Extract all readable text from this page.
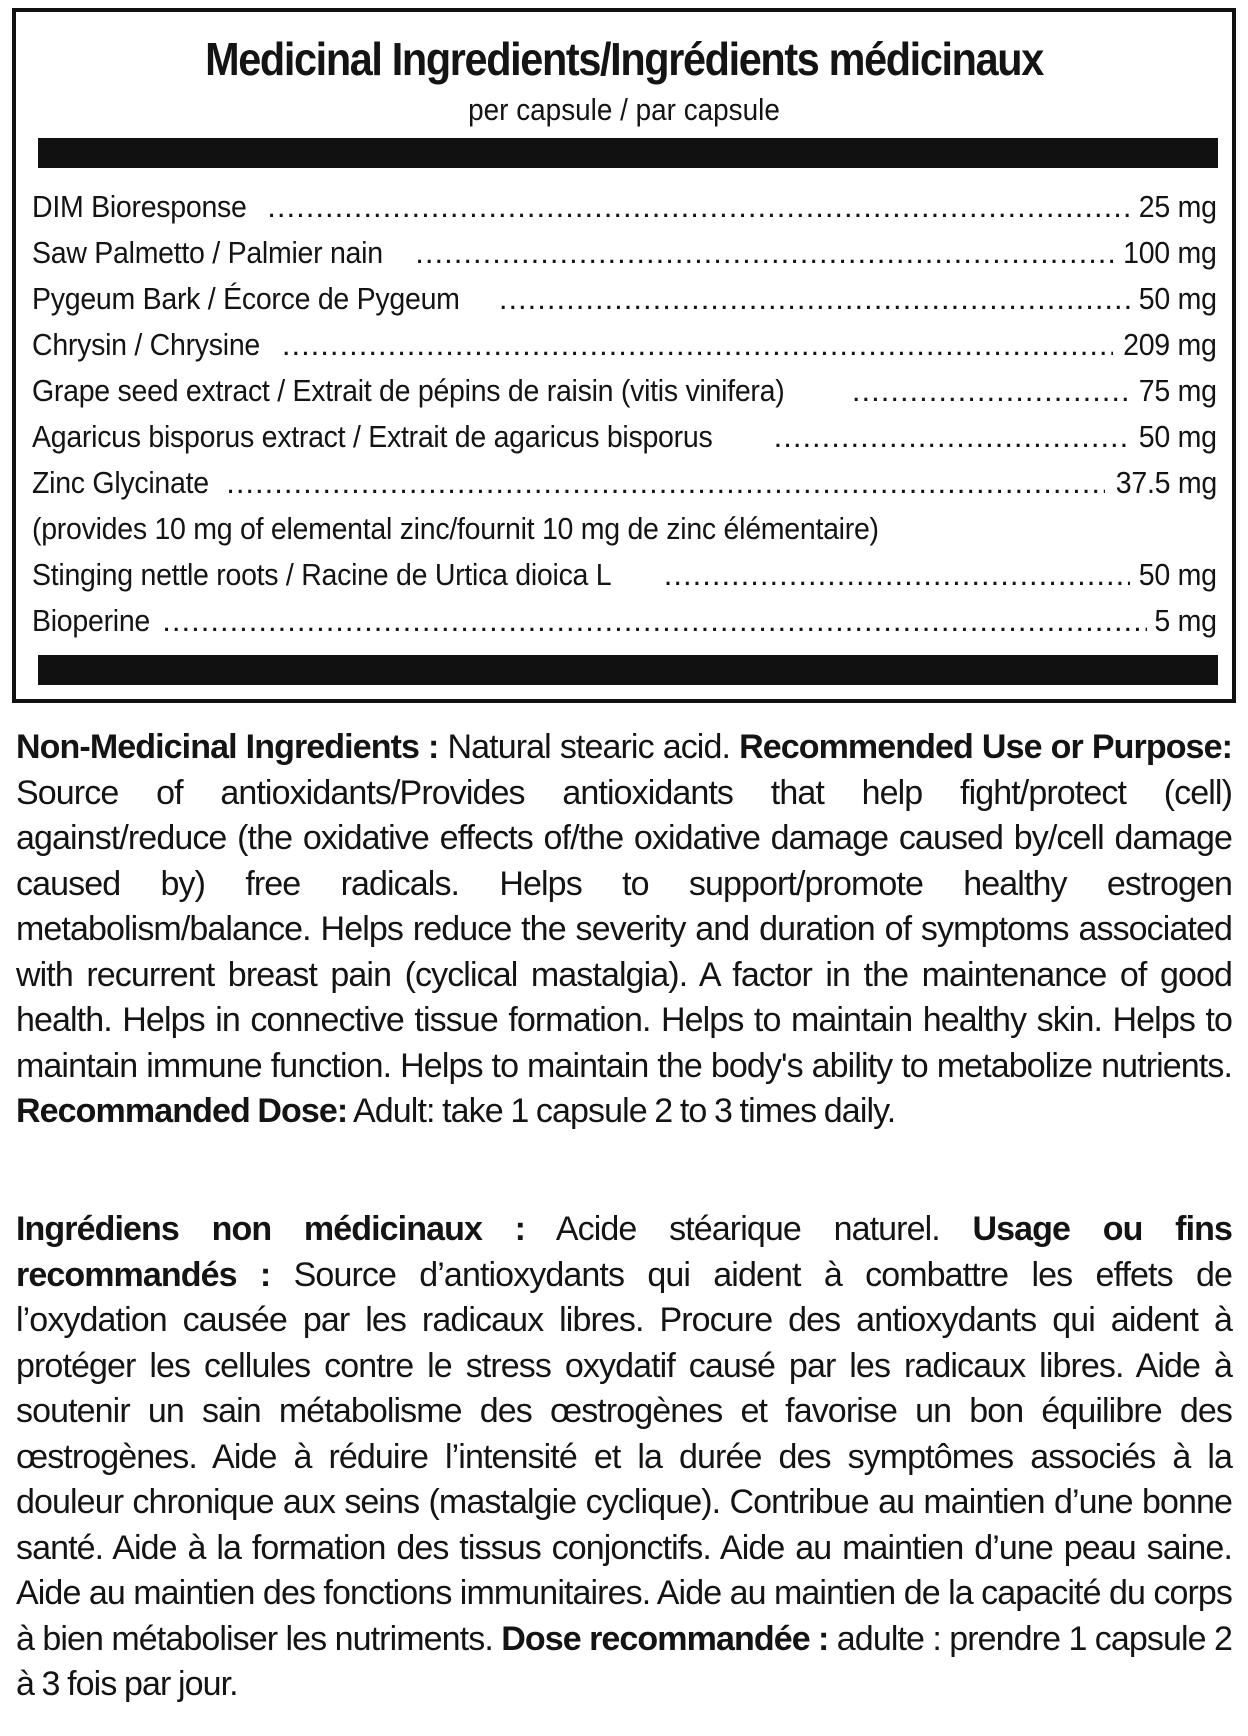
Medicinal Ingredients/Ingrédients médicinaux
per capsule / par capsule
DIM Bioresponse .....	25 mg
Saw Palmetto / Palmier nain .....	100 mg
Pygeum Bark / Écorce de Pygeum .....	50 mg
Chrysin / Chrysine .....	209 mg
Grape seed extract / Extrait de pépins de raisin (vitis vinifera) .....	75 mg
Agaricus bisporus extract / Extrait de agaricus bisporus .....	50 mg
Zinc Glycinate .....	37.5 mg
(provides 10 mg of elemental zinc/fournit 10 mg de zinc élémentaire)
Stinging nettle roots / Racine de Urtica dioica L .....	50 mg
Bioperine .....	5 mg

Non-Medicinal Ingredients : Natural stearic acid. Recommended Use or Purpose: Source of antioxidants/Provides antioxidants that help fight/protect (cell) against/reduce (the oxidative effects of/the oxidative damage caused by/cell damage caused by) free radicals. Helps to support/promote healthy estrogen metabolism/balance. Helps reduce the severity and duration of symptoms associated with recurrent breast pain (cyclical mastalgia). A factor in the maintenance of good health. Helps in connective tissue formation. Helps to maintain healthy skin. Helps to maintain immune function. Helps to maintain the body's ability to metabolize nutrients. Recommanded Dose: Adult: take 1 capsule 2 to 3 times daily.

Ingrédiens non médicinaux : Acide stéarique naturel. Usage ou fins recommandés : Source d’antioxydants qui aident à combattre les effets de l’oxydation causée par les radicaux libres. Procure des antioxydants qui aident à protéger les cellules contre le stress oxydatif causé par les radicaux libres. Aide à soutenir un sain métabolisme des œstrogènes et favorise un bon équilibre des œstrogènes. Aide à réduire l’intensité et la durée des symptômes associés à la douleur chronique aux seins (mastalgie cyclique). Contribue au maintien d’une bonne santé. Aide à la formation des tissus conjonctifs. Aide au maintien d’une peau saine. Aide au maintien des fonctions immunitaires. Aide au maintien de la capacité du corps à bien métaboliser les nutriments. Dose recommandée : adulte : prendre 1 capsule 2 à 3 fois par jour.
